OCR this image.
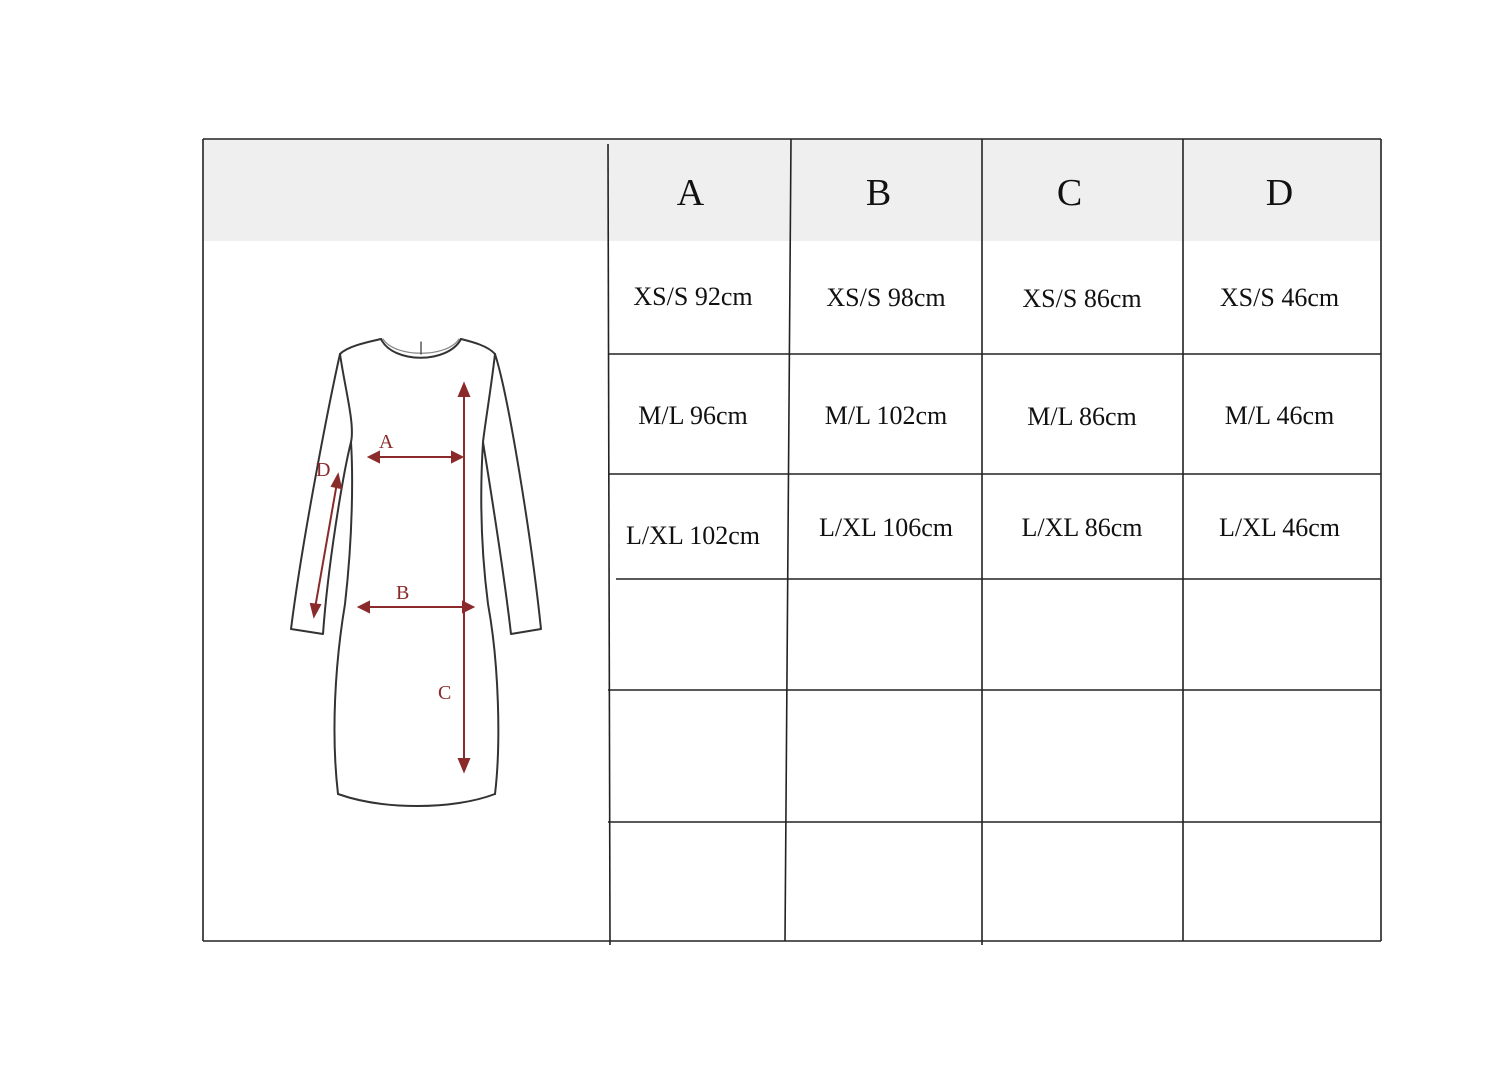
A	B	C	D
XS/S 92cm	XS/S 98cm	XS/S 86cm	XS/S 46cm
M/L 96cm	M/L 102cm	M/L 86cm	M/L 46cm
L/XL 102cm	L/XL 106cm	L/XL 86cm	L/XL 46cm
A
B
C
D
